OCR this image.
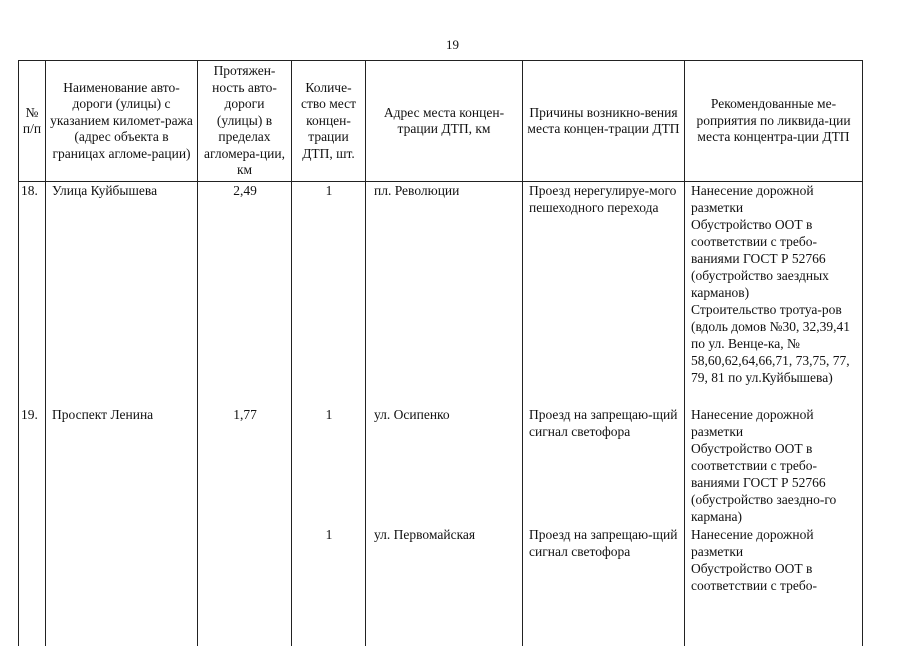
19
№ п/п	Наименование авто-дороги (улицы) с указанием километ-ража (адрес объекта в границах агломе-рации)	Протяжен-ность авто-дороги (улицы) в пределах агломера-ции, км	Количе-ство мест концен-трации ДТП, шт.	Адрес места концен-трации ДТП, км	Причины возникно-вения места концен-трации ДТП	Рекомендованные ме-роприятия по ликвида-ции места концентра-ции ДТП
18.	Улица Куйбышева	2,49	1	пл. Революции	Проезд нерегулируе-мого пешеходного перехода	Нанесение дорожной разметки
Обустройство ООТ в соответствии с требо-ваниями ГОСТ Р 52766 (обустройство заездных карманов)
Строительство тротуа-ров (вдоль домов №30, 32,39,41 по ул. Венце-ка, № 58,60,62,64,66,71, 73,75, 77, 79, 81 по ул.Куйбышева)

19.	Проспект Ленина	1,77	1	ул. Осипенко	Проезд на запрещаю-щий сигнал светофора	Нанесение дорожной разметки
Обустройство ООТ в соответствии с требо-ваниями ГОСТ Р 52766 (обустройство заездно-го кармана)

			1	ул. Первомайская	Проезд на запрещаю-щий сигнал светофора	Нанесение дорожной разметки
Обустройство ООТ в соответствии с требо-
